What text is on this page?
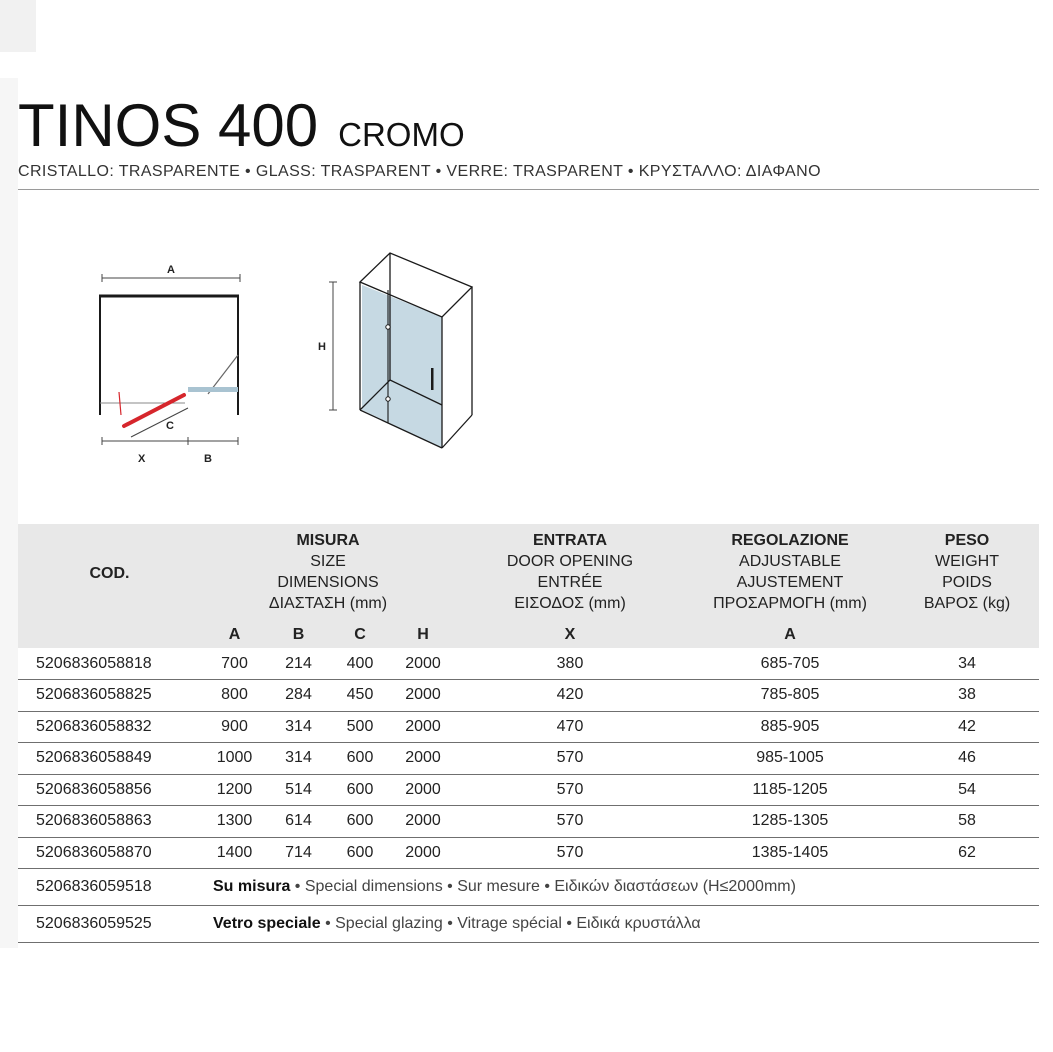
TINOS 400 CROMO
CRISTALLO: TRASPARENTE • GLASS: TRASPARENT • VERRE: TRASPARENT • ΚΡΥΣΤΑΛΛΟ: ΔΙΑΦΑΝΟ
A
C
X	B
H
COD.	MISURA
SIZE
DIMENSIONS
ΔΙΑΣΤΑΣΗ (mm)				ENTRATA
DOOR OPENING
ENTRÉE
ΕΙΣΟΔΟΣ (mm)	REGOLAZIONE
ADJUSTABLE
AJUSTEMENT
ΠΡΟΣΑΡΜΟΓΗ (mm)	PESO
WEIGHT
POIDS
ΒΑΡΟΣ (kg)

	A	B	C	H	X	A	
5206836058818	700	214	400	2000	380	685-705	34
5206836058825	800	284	450	2000	420	785-805	38
5206836058832	900	314	500	2000	470	885-905	42
5206836058849	1000	314	600	2000	570	985-1005	46
5206836058856	1200	514	600	2000	570	1185-1205	54
5206836058863	1300	614	600	2000	570	1285-1305	58
5206836058870	1400	714	600	2000	570	1385-1405	62
5206836059518	Su misura • Special dimensions • Sur mesure • Ειδικών διαστάσεων (H≤2000mm)						
5206836059525	Vetro speciale • Special glazing • Vitrage spécial • Ειδικά κρυστάλλα						
